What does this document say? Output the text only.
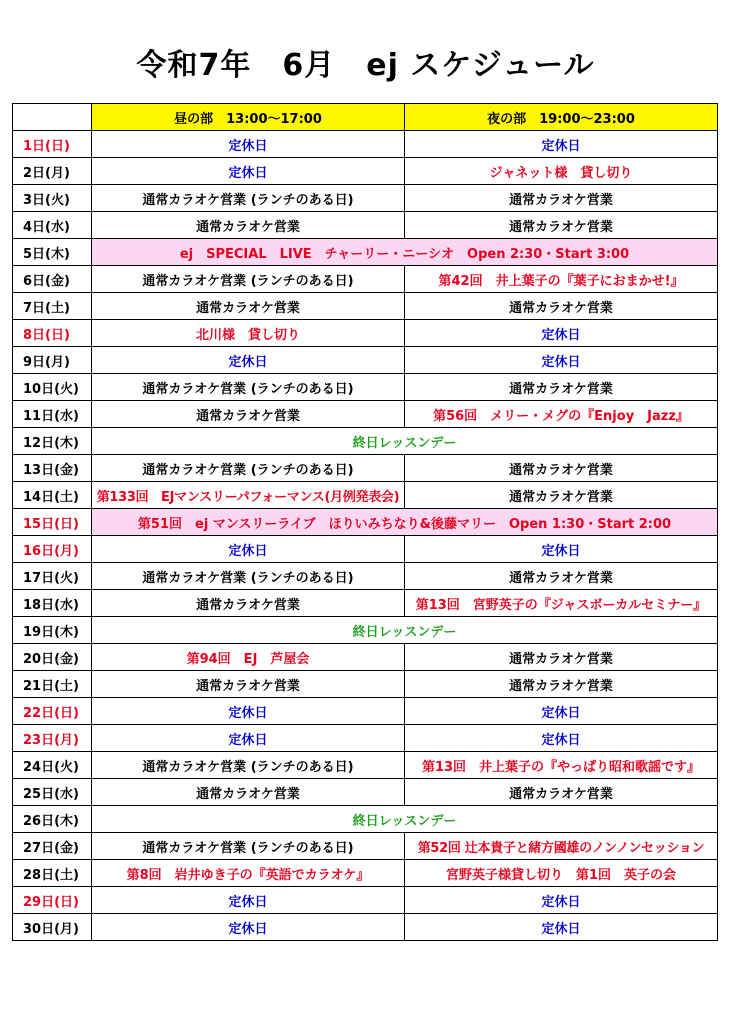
令和7年　6月　ej スケジュール
	昼の部　13:00～17:00	夜の部　19:00～23:00
1日(日)	定休日	定休日
2日(月)	定休日	ジャネット様　貸し切り
3日(火)	通常カラオケ営業 (ランチのある日)	通常カラオケ営業
4日(水)	通常カラオケ営業	通常カラオケ営業
5日(木)	ej　SPECIAL　LIVE　チャーリー・ニーシオ　Open 2:30・Start 3:00	
6日(金)	通常カラオケ営業 (ランチのある日)	第42回　井上葉子の『葉子におまかせ!』
7日(土)	通常カラオケ営業	通常カラオケ営業
8日(日)	北川様　貸し切り	定休日
9日(月)	定休日	定休日
10日(火)	通常カラオケ営業 (ランチのある日)	通常カラオケ営業
11日(水)	通常カラオケ営業	第56回　メリー・メグの『Enjoy　Jazz』
12日(木)	終日レッスンデー	
13日(金)	通常カラオケ営業 (ランチのある日)	通常カラオケ営業
14日(土)	第133回　EJマンスリーパフォーマンス(月例発表会)	通常カラオケ営業
15日(日)	第51回　ej マンスリーライブ　ほりいみちなり&後藤マリー　Open 1:30・Start 2:00	
16日(月)	定休日	定休日
17日(火)	通常カラオケ営業 (ランチのある日)	通常カラオケ営業
18日(水)	通常カラオケ営業	第13回　宮野英子の『ジャスボーカルセミナー』
19日(木)	終日レッスンデー	
20日(金)	第94回　EJ　芦屋会	通常カラオケ営業
21日(土)	通常カラオケ営業	通常カラオケ営業
22日(日)	定休日	定休日
23日(月)	定休日	定休日
24日(火)	通常カラオケ営業 (ランチのある日)	第13回　井上葉子の『やっぱり昭和歌謡です』
25日(水)	通常カラオケ営業	通常カラオケ営業
26日(木)	終日レッスンデー	
27日(金)	通常カラオケ営業 (ランチのある日)	第52回 辻本貴子と緒方國雄のノンノンセッション
28日(土)	第8回　岩井ゆき子の『英語でカラオケ』	宮野英子様貸し切り　第1回　英子の会
29日(日)	定休日	定休日
30日(月)	定休日	定休日
